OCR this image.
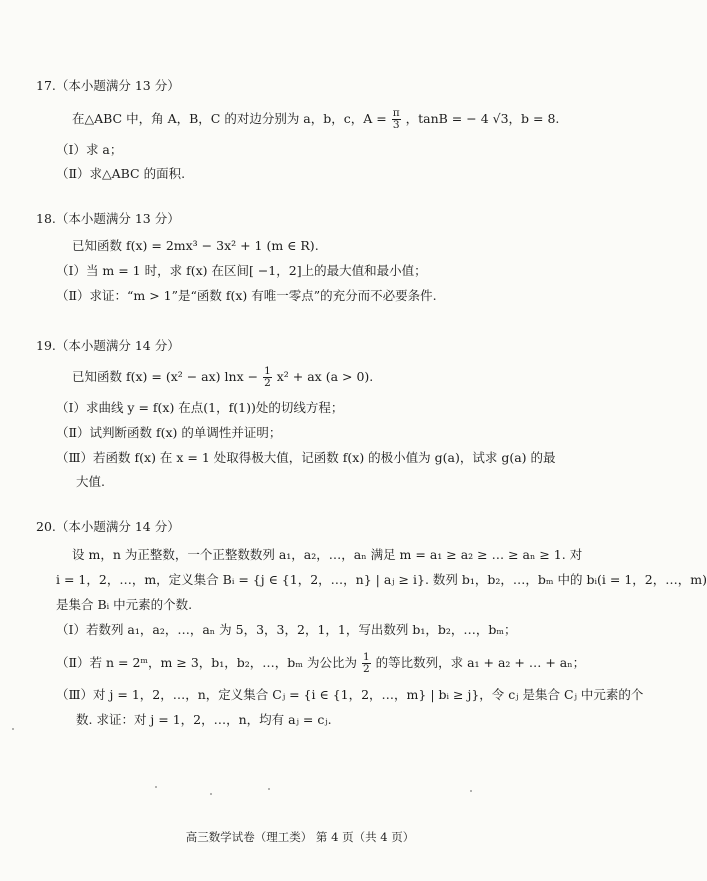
17.（本小题满分 13 分）
在△ABC 中，角 A，B，C 的对边分别为 a，b，c，$A = \frac{\pi}{3}$ ，tanB = − 4 √3，b = 8.
（Ⅰ）求 a；
（Ⅱ）求△ABC 的面积.
18.（本小题满分 13 分）
已知函数 f(x) = 2mx³ − 3x² + 1 (m ∈ R).
（Ⅰ）当 m = 1 时，求 f(x) 在区间[ −1，2]上的最大值和最小值；
（Ⅱ）求证：“m > 1”是“函数 f(x) 有唯一零点”的充分而不必要条件.
19.（本小题满分 14 分）
已知函数 f(x) = (x² − ax) $\ln x - \frac{1}{2} x^2$ + ax (a > 0).
（Ⅰ）求曲线 y = f(x) 在点(1，f(1))处的切线方程；
（Ⅱ）试判断函数 f(x) 的单调性并证明；
（Ⅲ）若函数 f(x) 在 x = 1 处取得极大值，记函数 f(x) 的极小值为 g(a)，试求 g(a) 的最
大值.
20.（本小题满分 14 分）
设 m，n 为正整数，一个正整数数列 a₁，a₂，…，aₙ 满足 m = a₁ ≥ a₂ ≥ … ≥ aₙ ≥ 1. 对
i = 1，2，…，m，定义集合 Bᵢ = {j ∈ {1，2，…，n} | aⱼ ≥ i}. 数列 b₁，b₂，…，bₘ 中的 bᵢ(i = 1，2，…，m)
是集合 Bᵢ 中元素的个数.
（Ⅰ）若数列 a₁，a₂，…，aₙ 为 5，3，3，2，1，1，写出数列 b₁，b₂，…，bₘ；
（Ⅱ）若 n = 2ᵐ，m ≥ 3，b₁，b₂，…，bₘ 为公比为 $\frac{1}{2}$ 的等比数列，求 a₁ + a₂ + … + aₙ；
（Ⅲ）对 j = 1，2，…，n，定义集合 Cⱼ = {i ∈ {1，2，…，m} | bᵢ ≥ j}，令 cⱼ 是集合 Cⱼ 中元素的个
数. 求证：对 j = 1，2，…，n，均有 aⱼ = cⱼ.
高三数学试卷（理工类） 第 4 页（共 4 页）
